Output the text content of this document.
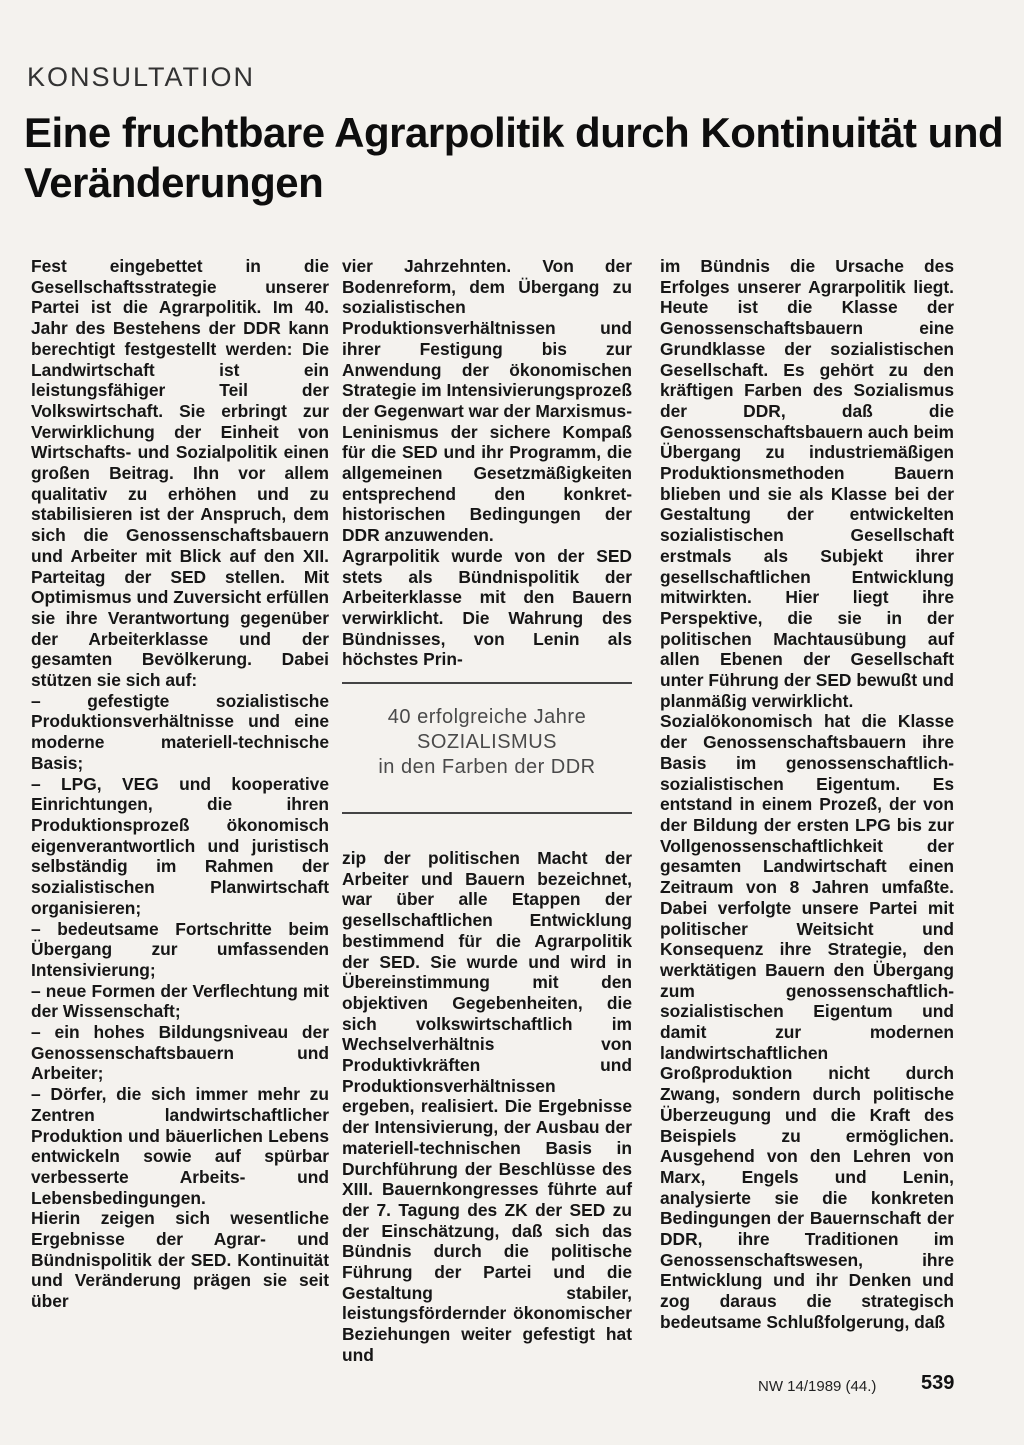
KONSULTATION
Eine fruchtbare Agrarpolitik durch Kontinuität und Veränderungen

Fest eingebettet in die Gesellschaftsstrategie unserer Partei ist die Agrarpolitik. Im 40. Jahr des Bestehens der DDR kann berechtigt festgestellt werden: Die Landwirtschaft ist ein leistungsfähiger Teil der Volkswirtschaft. Sie erbringt zur Verwirklichung der Einheit von Wirtschafts- und Sozialpolitik einen großen Beitrag. Ihn vor allem qualitativ zu erhöhen und zu stabilisieren ist der Anspruch, dem sich die Genossenschaftsbauern und Arbeiter mit Blick auf den XII. Parteitag der SED stellen. Mit Optimismus und Zuversicht erfüllen sie ihre Verantwortung gegenüber der Arbeiterklasse und der gesamten Bevölkerung. Dabei stützen sie sich auf:

– gefestigte sozialistische Produktionsverhältnisse und eine moderne materiell-technische Basis;

– LPG, VEG und kooperative Einrichtungen, die ihren Produktionsprozeß ökonomisch eigenverantwortlich und juristisch selbständig im Rahmen der sozialistischen Planwirtschaft organisieren;

– bedeutsame Fortschritte beim Übergang zur umfassenden Intensivierung;

– neue Formen der Verflechtung mit der Wissenschaft;

– ein hohes Bildungsniveau der Genossenschaftsbauern und Arbeiter;

– Dörfer, die sich immer mehr zu Zentren landwirtschaftlicher Produktion und bäuerlichen Lebens entwickeln sowie auf spürbar verbesserte Arbeits- und Lebensbedingungen.

Hierin zeigen sich wesentliche Ergebnisse der Agrar- und Bündnispolitik der SED. Kontinuität und Veränderung prägen sie seit über

vier Jahrzehnten. Von der Bodenreform, dem Übergang zu sozialistischen Produktionsverhältnissen und ihrer Festigung bis zur Anwendung der ökonomischen Strategie im Intensivierungsprozeß der Gegenwart war der Marxismus-Leninismus der sichere Kompaß für die SED und ihr Programm, die allgemeinen Gesetzmäßigkeiten entsprechend den konkret-historischen Bedingungen der DDR anzuwenden.

Agrarpolitik wurde von der SED stets als Bündnispolitik der Arbeiterklasse mit den Bauern verwirklicht. Die Wahrung des Bündnisses, von Lenin als höchstes Prin-

40 erfolgreiche Jahre
SOZIALISMUS
in den Farben der DDR

zip der politischen Macht der Arbeiter und Bauern bezeichnet, war über alle Etappen der gesellschaftlichen Entwicklung bestimmend für die Agrarpolitik der SED. Sie wurde und wird in Übereinstimmung mit den objektiven Gegebenheiten, die sich volkswirtschaftlich im Wechselverhältnis von Produktivkräften und Produktionsverhältnissen ergeben, realisiert. Die Ergebnisse der Intensivierung, der Ausbau der materiell-technischen Basis in Durchführung der Beschlüsse des XIII. Bauernkongresses führte auf der 7. Tagung des ZK der SED zu der Einschätzung, daß sich das Bündnis durch die politische Führung der Partei und die Gestaltung stabiler, leistungsfördernder ökonomischer Beziehungen weiter gefestigt hat und

im Bündnis die Ursache des Erfolges unserer Agrarpolitik liegt. Heute ist die Klasse der Genossenschaftsbauern eine Grundklasse der sozialistischen Gesellschaft. Es gehört zu den kräftigen Farben des Sozialismus der DDR, daß die Genossenschaftsbauern auch beim Übergang zu industriemäßigen Produktionsmethoden Bauern blieben und sie als Klasse bei der Gestaltung der entwickelten sozialistischen Gesellschaft erstmals als Subjekt ihrer gesellschaftlichen Entwicklung mitwirkten. Hier liegt ihre Perspektive, die sie in der politischen Machtausübung auf allen Ebenen der Gesellschaft unter Führung der SED bewußt und planmäßig verwirklicht.

Sozialökonomisch hat die Klasse der Genossenschaftsbauern ihre Basis im genossenschaftlich-sozialistischen Eigentum. Es entstand in einem Prozeß, der von der Bildung der ersten LPG bis zur Vollgenossenschaftlichkeit der gesamten Landwirtschaft einen Zeitraum von 8 Jahren umfaßte. Dabei verfolgte unsere Partei mit politischer Weitsicht und Konsequenz ihre Strategie, den werktätigen Bauern den Übergang zum genossenschaftlich-sozialistischen Eigentum und damit zur modernen landwirtschaftlichen Großproduktion nicht durch Zwang, sondern durch politische Überzeugung und die Kraft des Beispiels zu ermöglichen. Ausgehend von den Lehren von Marx, Engels und Lenin, analysierte sie die konkreten Bedingungen der Bauernschaft der DDR, ihre Traditionen im Genossenschaftswesen, ihre Entwicklung und ihr Denken und zog daraus die strategisch bedeutsame Schlußfolgerung, daß

NW 14/1989 (44.) 539
